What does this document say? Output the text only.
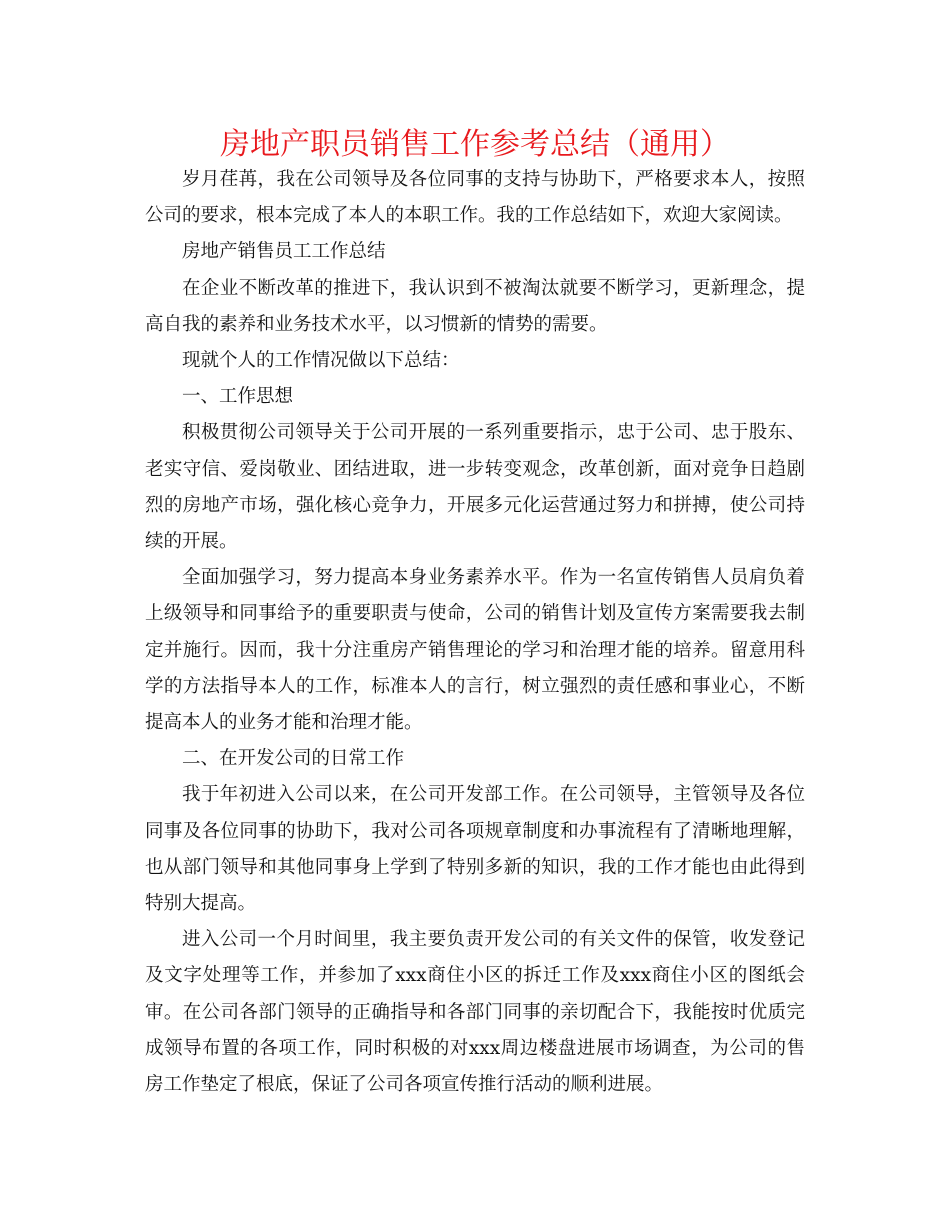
房地产职员销售工作参考总结（通用）

岁月荏苒，我在公司领导及各位同事的支持与协助下，严格要求本人，按照公司的要求，根本完成了本人的本职工作。我的工作总结如下，欢迎大家阅读。

房地产销售员工工作总结

在企业不断改革的推进下，我认识到不被淘汰就要不断学习，更新理念，提高自我的素养和业务技术水平，以习惯新的情势的需要。

现就个人的工作情况做以下总结：

一、工作思想

积极贯彻公司领导关于公司开展的一系列重要指示，忠于公司、忠于股东、老实守信、爱岗敬业、团结进取，进一步转变观念，改革创新，面对竞争日趋剧烈的房地产市场，强化核心竞争力，开展多元化运营通过努力和拼搏，使公司持续的开展。

全面加强学习，努力提高本身业务素养水平。作为一名宣传销售人员肩负着上级领导和同事给予的重要职责与使命，公司的销售计划及宣传方案需要我去制定并施行。因而，我十分注重房产销售理论的学习和治理才能的培养。留意用科学的方法指导本人的工作，标准本人的言行，树立强烈的责任感和事业心，不断提高本人的业务才能和治理才能。

二、在开发公司的日常工作

我于年初进入公司以来，在公司开发部工作。在公司领导，主管领导及各位同事及各位同事的协助下，我对公司各项规章制度和办事流程有了清晰地理解，也从部门领导和其他同事身上学到了特别多新的知识，我的工作才能也由此得到特别大提高。

进入公司一个月时间里，我主要负责开发公司的有关文件的保管，收发登记及文字处理等工作，并参加了xxx商住小区的拆迁工作及xxx商住小区的图纸会审。在公司各部门领导的正确指导和各部门同事的亲切配合下，我能按时优质完成领导布置的各项工作，同时积极的对xxx周边楼盘进展市场调查，为公司的售房工作垫定了根底，保证了公司各项宣传推行活动的顺利进展。
